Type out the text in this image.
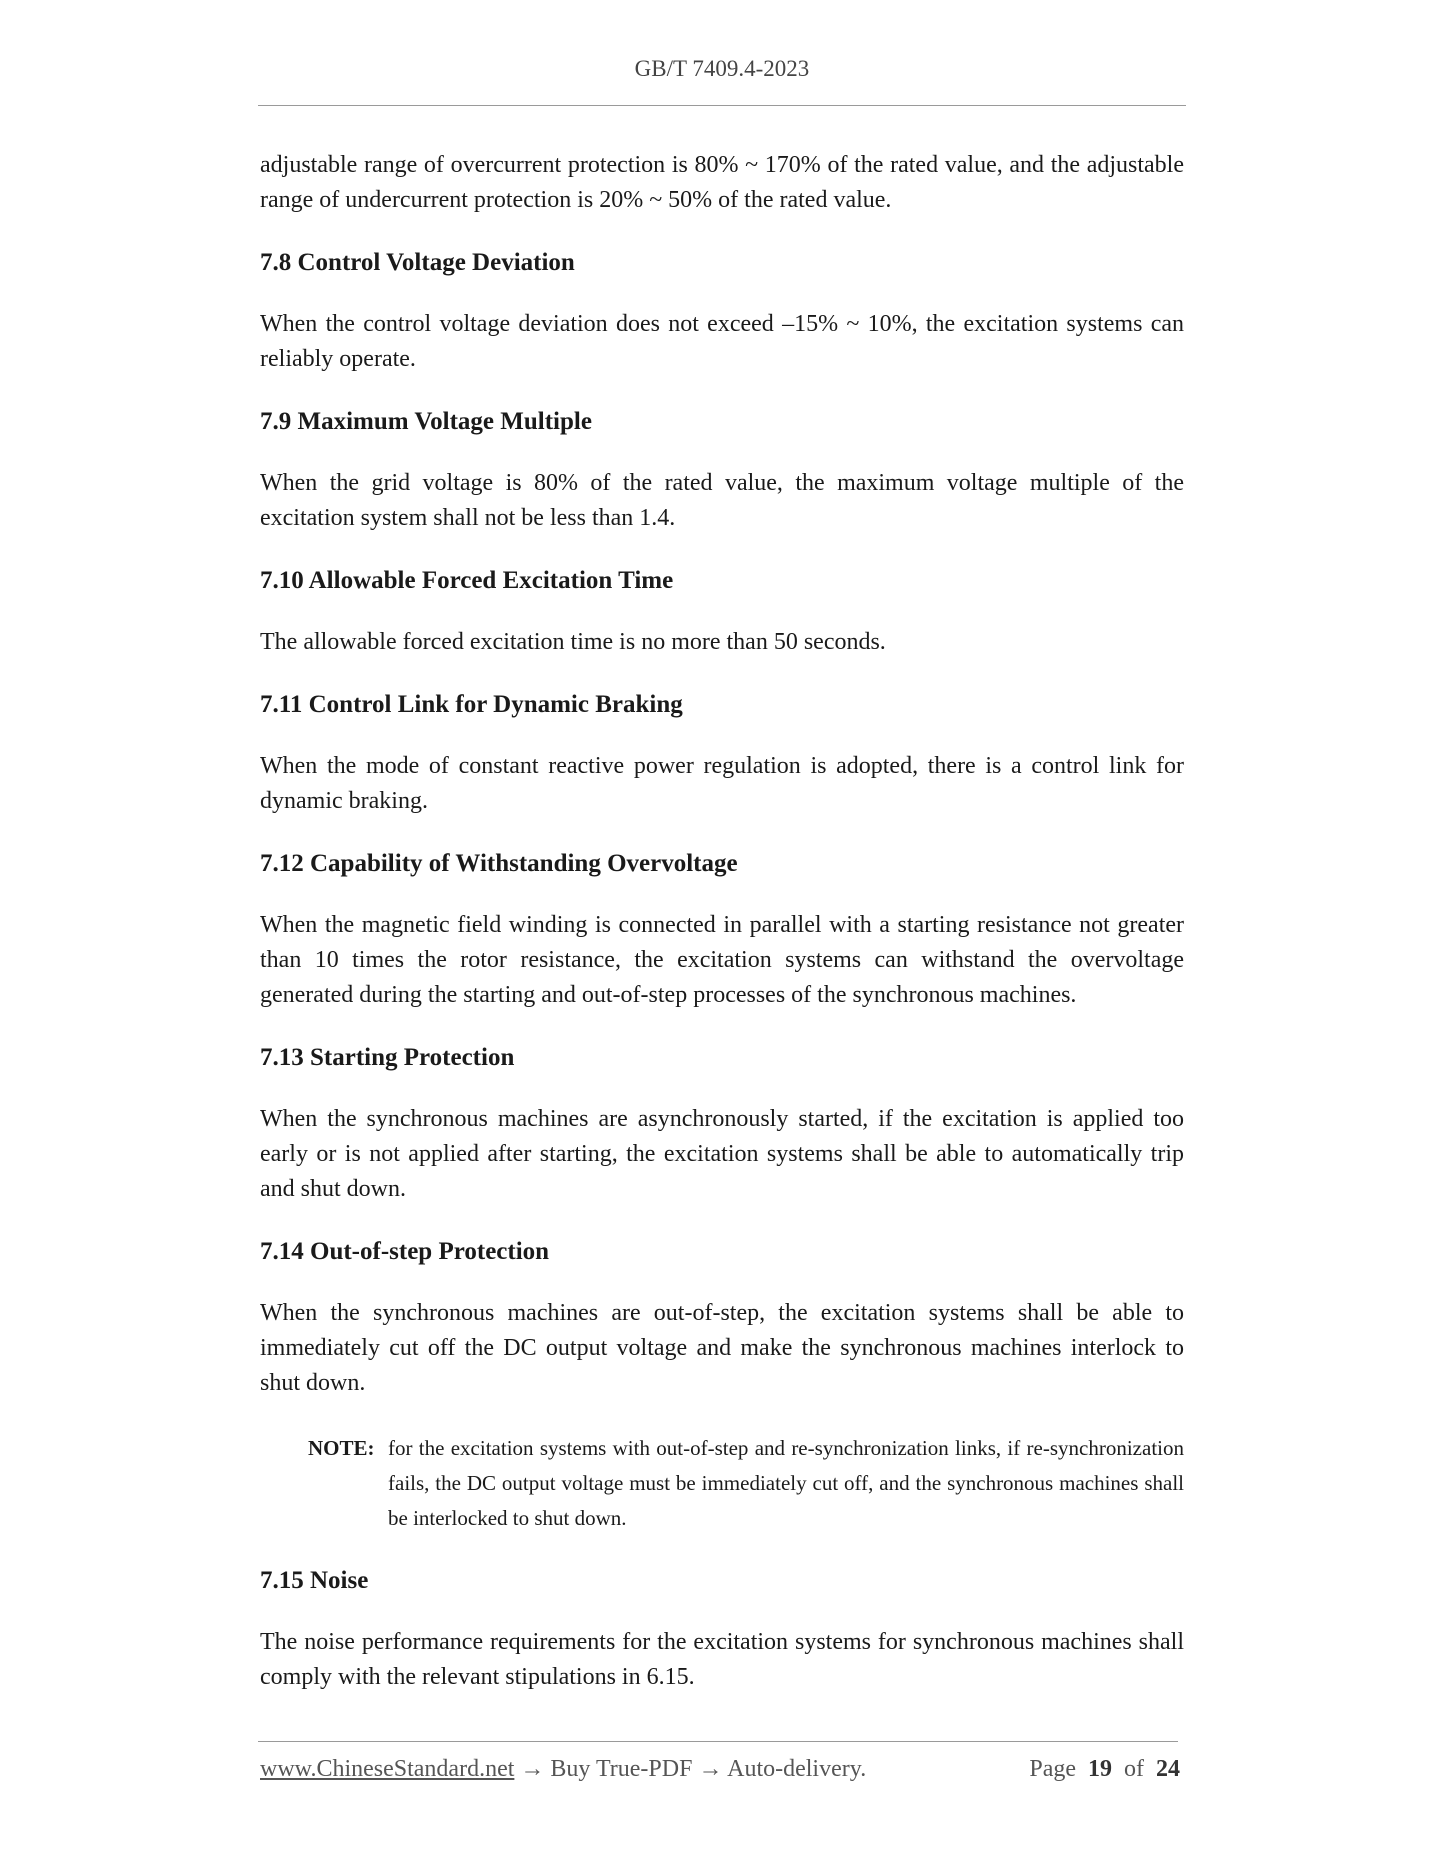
GB/T 7409.4-2023

adjustable range of overcurrent protection is 80% ~ 170% of the rated value, and the adjustable range of undercurrent protection is 20% ~ 50% of the rated value.

7.8 Control Voltage Deviation

When the control voltage deviation does not exceed –15% ~ 10%, the excitation systems can reliably operate.

7.9 Maximum Voltage Multiple

When the grid voltage is 80% of the rated value, the maximum voltage multiple of the excitation system shall not be less than 1.4.

7.10 Allowable Forced Excitation Time

The allowable forced excitation time is no more than 50 seconds.

7.11 Control Link for Dynamic Braking

When the mode of constant reactive power regulation is adopted, there is a control link for dynamic braking.

7.12 Capability of Withstanding Overvoltage

When the magnetic field winding is connected in parallel with a starting resistance not greater than 10 times the rotor resistance, the excitation systems can withstand the overvoltage generated during the starting and out-of-step processes of the synchronous machines.

7.13 Starting Protection

When the synchronous machines are asynchronously started, if the excitation is applied too early or is not applied after starting, the excitation systems shall be able to automatically trip and shut down.

7.14 Out-of-step Protection

When the synchronous machines are out-of-step, the excitation systems shall be able to immediately cut off the DC output voltage and make the synchronous machines interlock to shut down.

NOTE: for the excitation systems with out-of-step and re-synchronization links, if re-synchronization fails, the DC output voltage must be immediately cut off, and the synchronous machines shall be interlocked to shut down.

7.15 Noise

The noise performance requirements for the excitation systems for synchronous machines shall comply with the relevant stipulations in 6.15.

www.ChineseStandard.net → Buy True-PDF → Auto-delivery.	Page 19 of 24
